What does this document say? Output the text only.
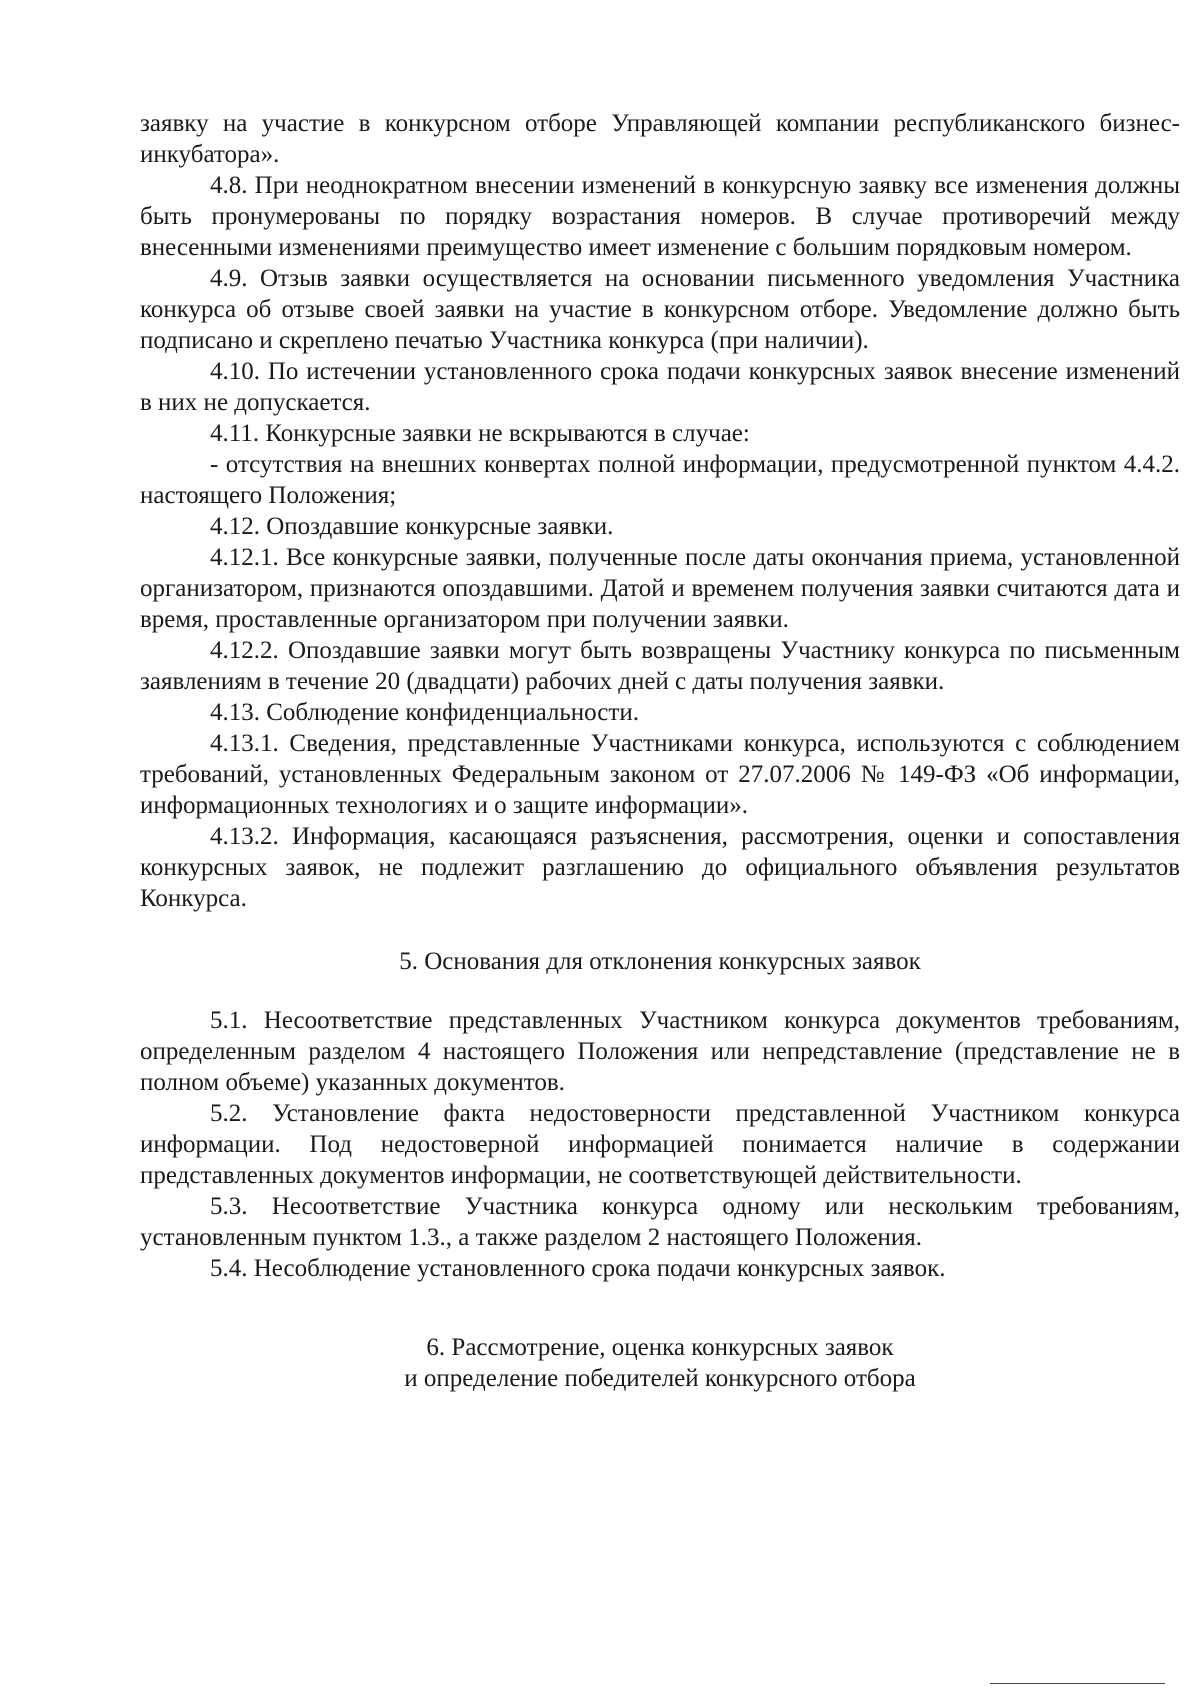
заявку на участие в конкурсном отборе Управляющей компании республиканского бизнес-инкубатора».

4.8. При неоднократном внесении изменений в конкурсную заявку все изменения должны быть пронумерованы по порядку возрастания номеров. В случае противоречий между внесенными изменениями преимущество имеет изменение с большим порядковым номером.

4.9. Отзыв заявки осуществляется на основании письменного уведомления Участника конкурса об отзыве своей заявки на участие в конкурсном отборе. Уведомление должно быть подписано и скреплено печатью Участника конкурса (при наличии).

4.10. По истечении установленного срока подачи конкурсных заявок внесение изменений в них не допускается.

4.11. Конкурсные заявки не вскрываются в случае:

- отсутствия на внешних конвертах полной информации, предусмотренной пунктом 4.4.2. настоящего Положения;

4.12. Опоздавшие конкурсные заявки.

4.12.1. Все конкурсные заявки, полученные после даты окончания приема, установленной организатором, признаются опоздавшими. Датой и временем получения заявки считаются дата и время, проставленные организатором при получении заявки.

4.12.2. Опоздавшие заявки могут быть возвращены Участнику конкурса по письменным заявлениям в течение 20 (двадцати) рабочих дней с даты получения заявки.

4.13. Соблюдение конфиденциальности.

4.13.1. Сведения, представленные Участниками конкурса, используются с соблюдением требований, установленных Федеральным законом от 27.07.2006 № 149-ФЗ «Об информации, информационных технологиях и о защите информации».

4.13.2. Информация, касающаяся разъяснения, рассмотрения, оценки и сопоставления конкурсных заявок, не подлежит разглашению до официального объявления результатов Конкурса.

5. Основания для отклонения конкурсных заявок

5.1. Несоответствие представленных Участником конкурса документов требованиям, определенным разделом 4 настоящего Положения или непредставление (представление не в полном объеме) указанных документов.

5.2. Установление факта недостоверности представленной Участником конкурса информации. Под недостоверной информацией понимается наличие в содержании представленных документов информации, не соответствующей действительности.

5.3. Несоответствие Участника конкурса одному или нескольким требованиям, установленным пунктом 1.3., а также разделом 2 настоящего Положения.

5.4. Несоблюдение установленного срока подачи конкурсных заявок.

6. Рассмотрение, оценка конкурсных заявок

и определение победителей конкурсного отбора
